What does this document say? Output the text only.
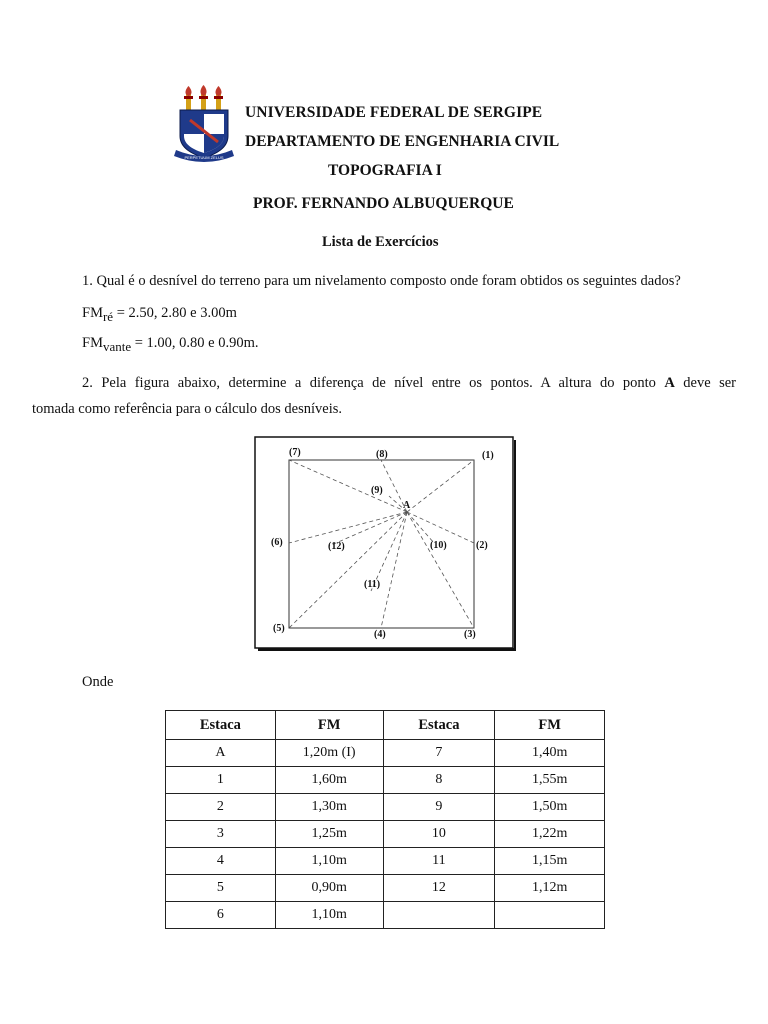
PERPETUUM ZELUS
UNIVERSIDADE FEDERAL DE SERGIPE
DEPARTAMENTO DE ENGENHARIA CIVIL
TOPOGRAFIA I
PROF. FERNANDO ALBUQUERQUE
Lista de Exercícios
1. Qual é o desnível do terreno para um nivelamento composto onde foram obtidos os seguintes dados?
$FM_{ré} = 2.50$, 2.80 e 3.00m
$FM_{vante} = 1.00$, 0.80 e 0.90m.
2. Pela figura abaixo, determine a diferença de nível entre os pontos. A altura do ponto A deve ser
tomada como referência para o cálculo dos desníveis.
(1)
(2)
(3)
(4)
(5)
(6)
(7)	(8)
(9)
(10)
(11)
(12)
A
Onde
Estaca	FM	Estaca	FM
A	1,20m (I)	7	1,40m
1	1,60m	8	1,55m
2	1,30m	9	1,50m
3	1,25m	10	1,22m
4	1,10m	11	1,15m
5	0,90m	12	1,12m
6	1,10m		
